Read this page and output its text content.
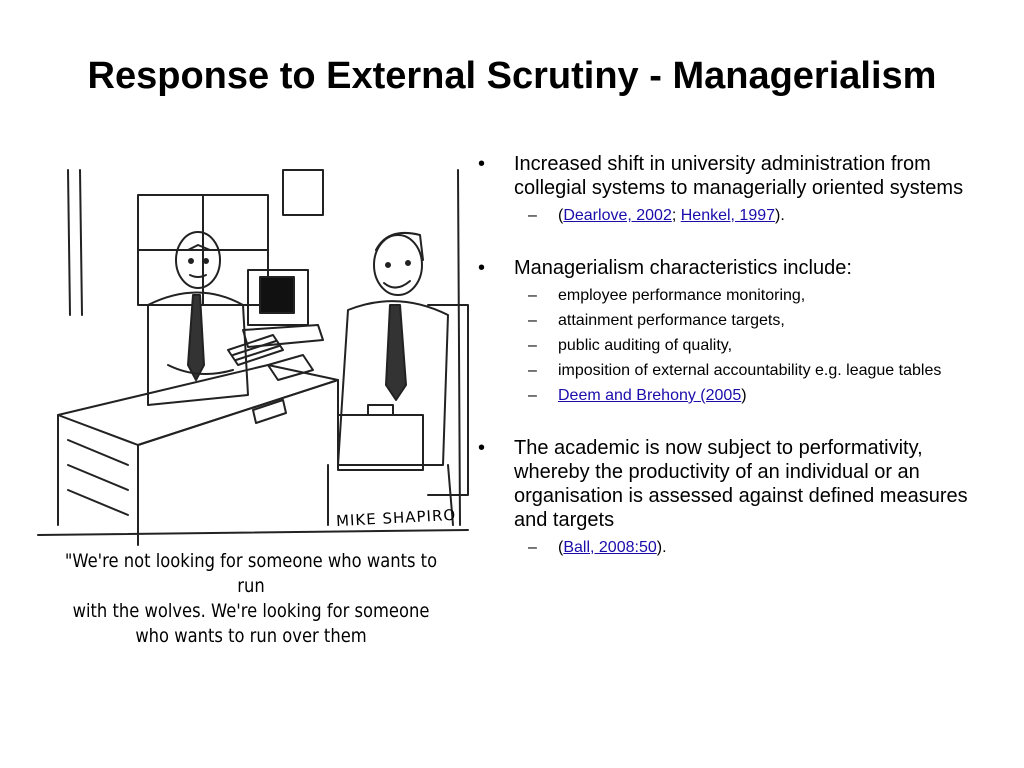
Response to External Scrutiny - Managerialism
MIKE SHAPIRO
"We're not looking for someone who wants to run
with the wolves. We're looking for someone
who wants to run over them
• Increased shift in university administration from collegial systems to managerially oriented systems
– (Dearlove, 2002; Henkel, 1997).
• Managerialism characteristics include:
– employee performance monitoring,
– attainment performance targets,
– public auditing of quality,
– imposition of external accountability e.g. league tables
– Deem and Brehony (2005)
• The academic is now subject to performativity, whereby the productivity of an individual or an organisation is assessed against defined measures and targets
– (Ball, 2008:50).
